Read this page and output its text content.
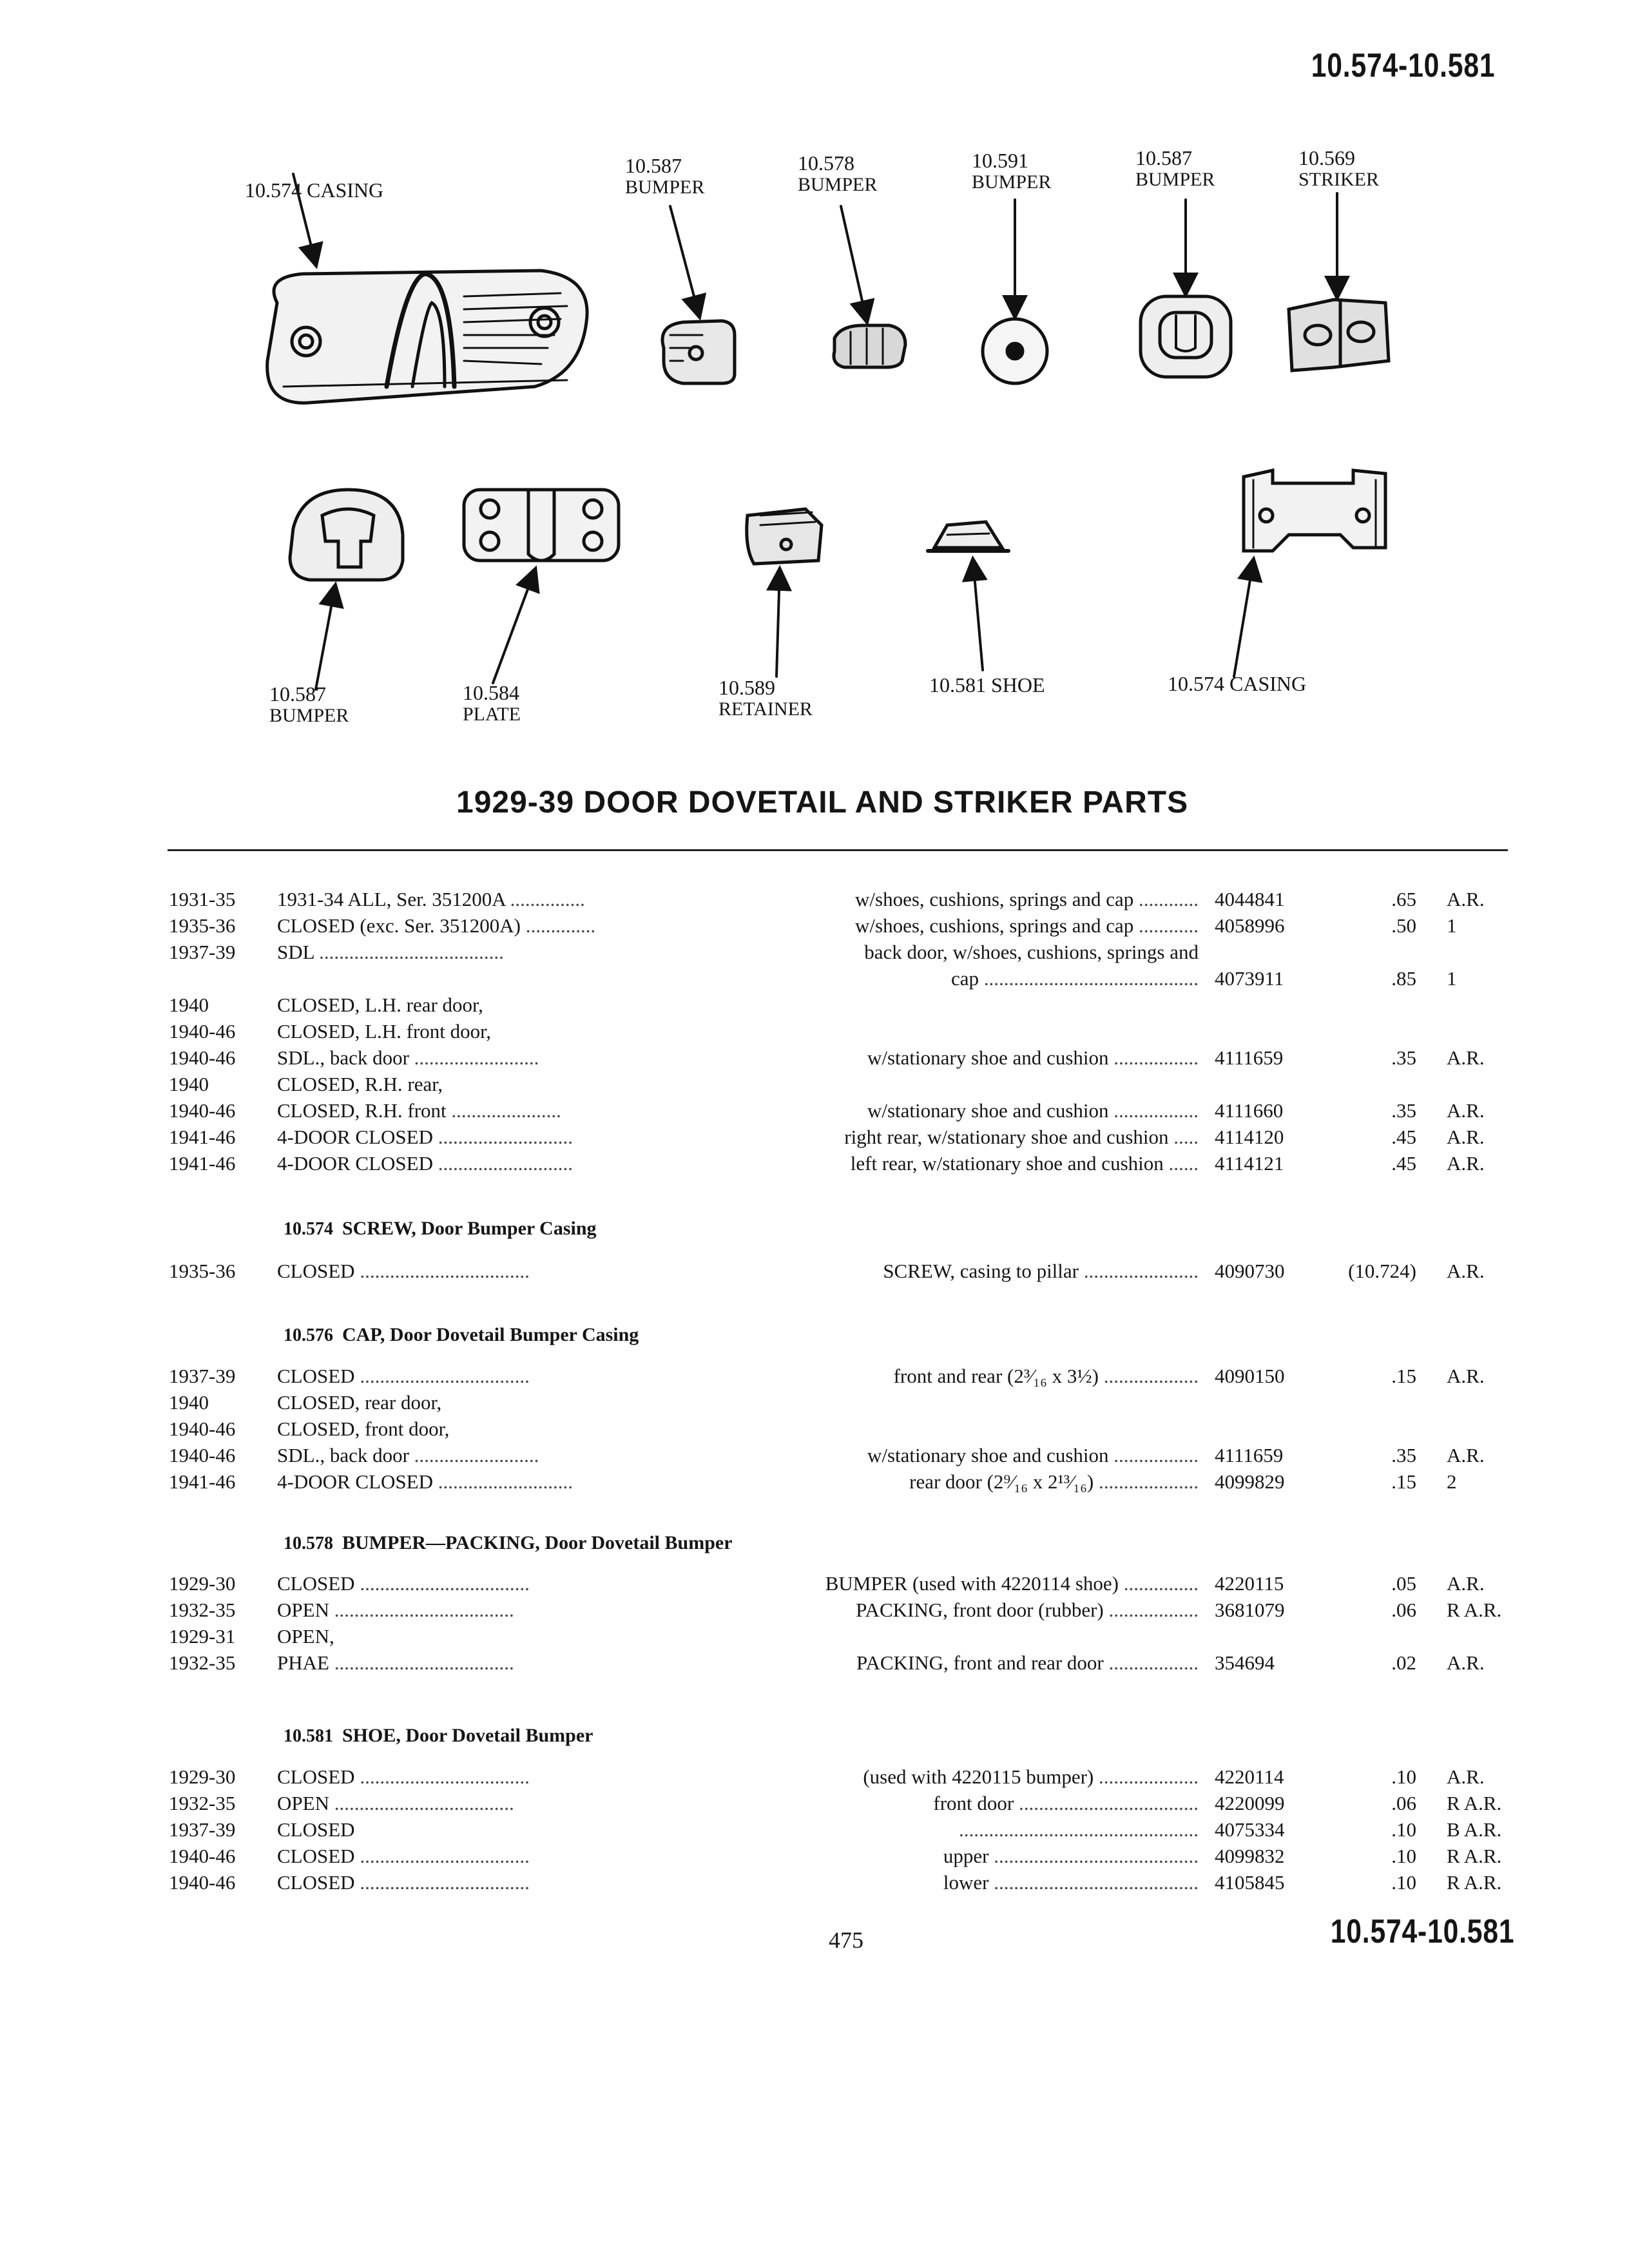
10.574-10.581
10.574 CASING
10.587
BUMPER
10.578
BUMPER
10.591
BUMPER
10.587
BUMPER
10.569
STRIKER
10.587
BUMPER
10.584
PLATE
10.589
RETAINER
10.581 SHOE	10.574 CASING
1929-39 DOOR DOVETAIL AND STRIKER PARTS
1931-35 1931-34 ALL, Ser. 351200A ...............	w/shoes, cushions, springs and cap ............ 4044841	.65 A.R.
1935-36 CLOSED (exc. Ser. 351200A) ..............	w/shoes, cushions, springs and cap ............ 4058996	.50 1
1937-39 SDL .....................................	back door, w/shoes, cushions, springs and
cap ........................................... 4073911	.85 1
1940	CLOSED, L.H. rear door,
1940-46 CLOSED, L.H. front door,
1940-46 SDL., back door .........................	w/stationary shoe and cushion ................. 4111659	.35 A.R.
1940	CLOSED, R.H. rear,
1940-46 CLOSED, R.H. front ......................	w/stationary shoe and cushion ................. 4111660	.35 A.R.
1941-46 4-DOOR CLOSED ...........................	right rear, w/stationary shoe and cushion ..... 4114120	.45 A.R.
1941-46 4-DOOR CLOSED ...........................	left rear, w/stationary shoe and cushion ...... 4114121	.45 A.R.
10.574 SCREW, Door Bumper Casing
1935-36 CLOSED ..................................	SCREW, casing to pillar ....................... 4090730	(10.724) A.R.
10.576 CAP, Door Dovetail Bumper Casing
1937-39 CLOSED ..................................	front and rear (2³⁄₁₆ x 3½) ................... 4090150	.15 A.R.
1940	CLOSED, rear door,
1940-46 CLOSED, front door,
1940-46 SDL., back door .........................	w/stationary shoe and cushion ................. 4111659	.35 A.R.
1941-46 4-DOOR CLOSED ...........................	rear door (2⁹⁄₁₆ x 2¹³⁄₁₆) .................... 4099829	.15 2
10.578 BUMPER—PACKING, Door Dovetail Bumper
1929-30 CLOSED ..................................	BUMPER (used with 4220114 shoe) ............... 4220115	.05 A.R.
1932-35 OPEN ....................................	PACKING, front door (rubber) .................. 3681079	.06 R A.R.
1929-31 OPEN,
1932-35 PHAE ....................................	PACKING, front and rear door .................. 354694	.02 A.R.
10.581 SHOE, Door Dovetail Bumper
1929-30 CLOSED ..................................	(used with 4220115 bumper) .................... 4220114	.10 A.R.
1932-35 OPEN ....................................	front door .................................... 4220099	.06 R A.R.
1937-39 CLOSED	................................................ 4075334	.10 B A.R.
1940-46 CLOSED ..................................	upper ......................................... 4099832	.10 R A.R.
1940-46 CLOSED ..................................	lower ......................................... 4105845	.10 R A.R.
475	10.574-10.581
